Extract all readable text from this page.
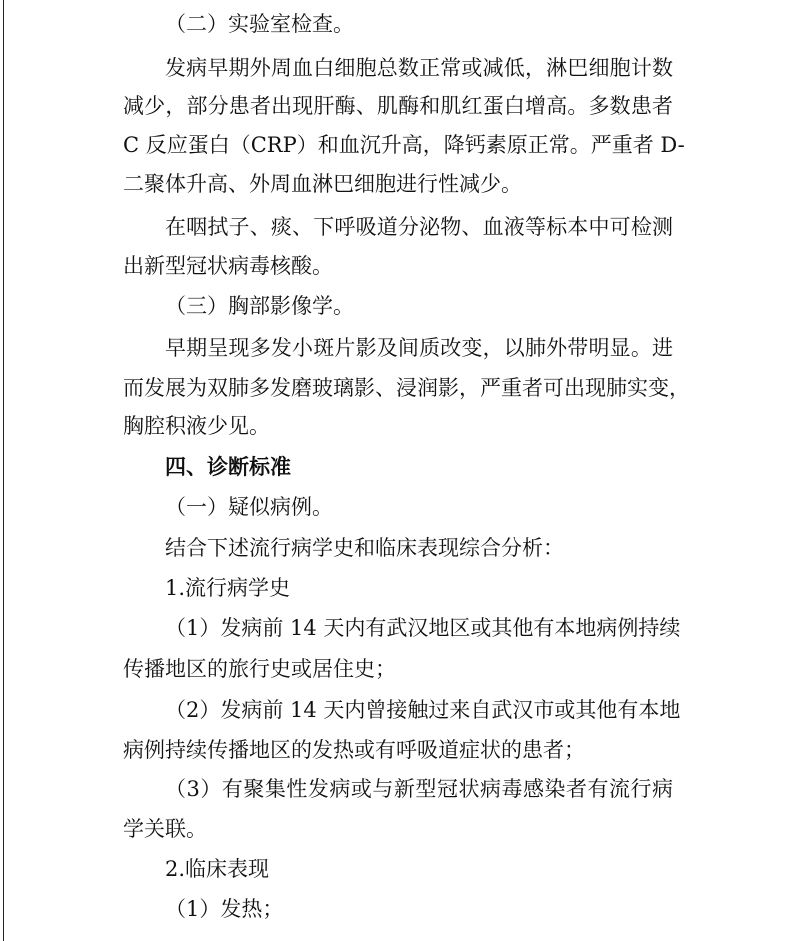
（二）实验室检查。
发病早期外周血白细胞总数正常或减低，淋巴细胞计数
减少，部分患者出现肝酶、肌酶和肌红蛋白增高。多数患者
C 反应蛋白（CRP）和血沉升高，降钙素原正常。严重者 D-
二聚体升高、外周血淋巴细胞进行性减少。
在咽拭子、痰、下呼吸道分泌物、血液等标本中可检测
出新型冠状病毒核酸。
（三）胸部影像学。
早期呈现多发小斑片影及间质改变，以肺外带明显。进
而发展为双肺多发磨玻璃影、浸润影，严重者可出现肺实变，
胸腔积液少见。
四、诊断标准
（一）疑似病例。
结合下述流行病学史和临床表现综合分析：
1.流行病学史
（1）发病前 14 天内有武汉地区或其他有本地病例持续
传播地区的旅行史或居住史；
（2）发病前 14 天内曾接触过来自武汉市或其他有本地
病例持续传播地区的发热或有呼吸道症状的患者；
（3）有聚集性发病或与新型冠状病毒感染者有流行病
学关联。
2.临床表现
（1）发热；
